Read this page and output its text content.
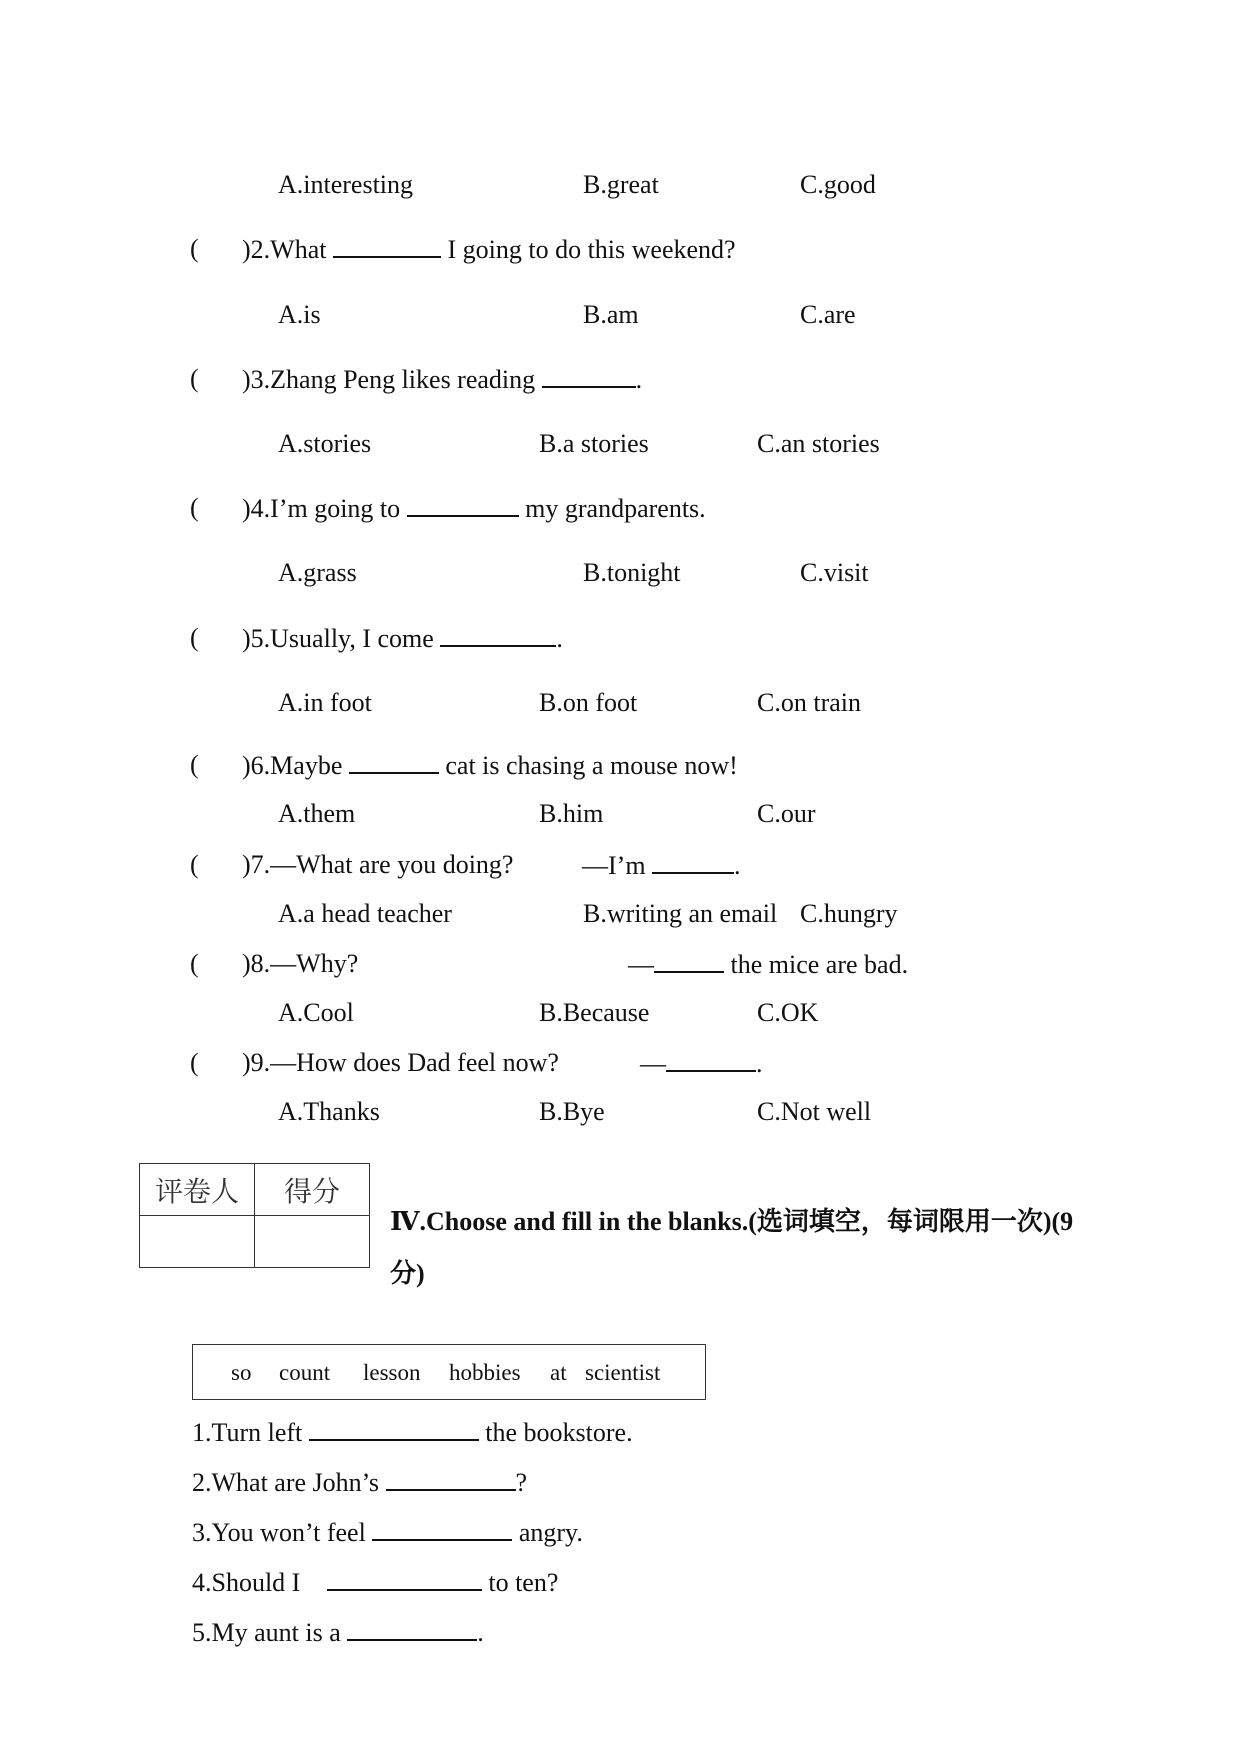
A.interesting	B.great	C.good
( )2.What	I going to do this weekend?
A.is	B.am	C.are
( )3.Zhang Peng likes reading	.
A.stories	B.a stories	C.an stories
( )4.I’m going to	my grandparents.
A.grass	B.tonight	C.visit
( )5.Usually, I come	.
A.in foot	B.on foot	C.on train
( )6.Maybe	cat is chasing a mouse now!
A.them	B.him	C.our
( )7.—What are you doing?	—I’m	.
A.a head teacher	B.writing an email C.hungry
( )8.—Why?	—	the mice are bad.
A.Cool	B.Because	C.OK
( )9.—How does Dad feel now?	—	.
A.Thanks	B.Bye	C.Not well
评卷人	得分

Ⅳ.Choose and fill in the blanks.(选词填空，每词限用一次)(9
分)
so count lesson hobbies at scientist
1.Turn left	the bookstore.
2.What are John’s	?
3.You won’t feel	angry.
4.Should I	to ten?
5.My aunt is a	.
